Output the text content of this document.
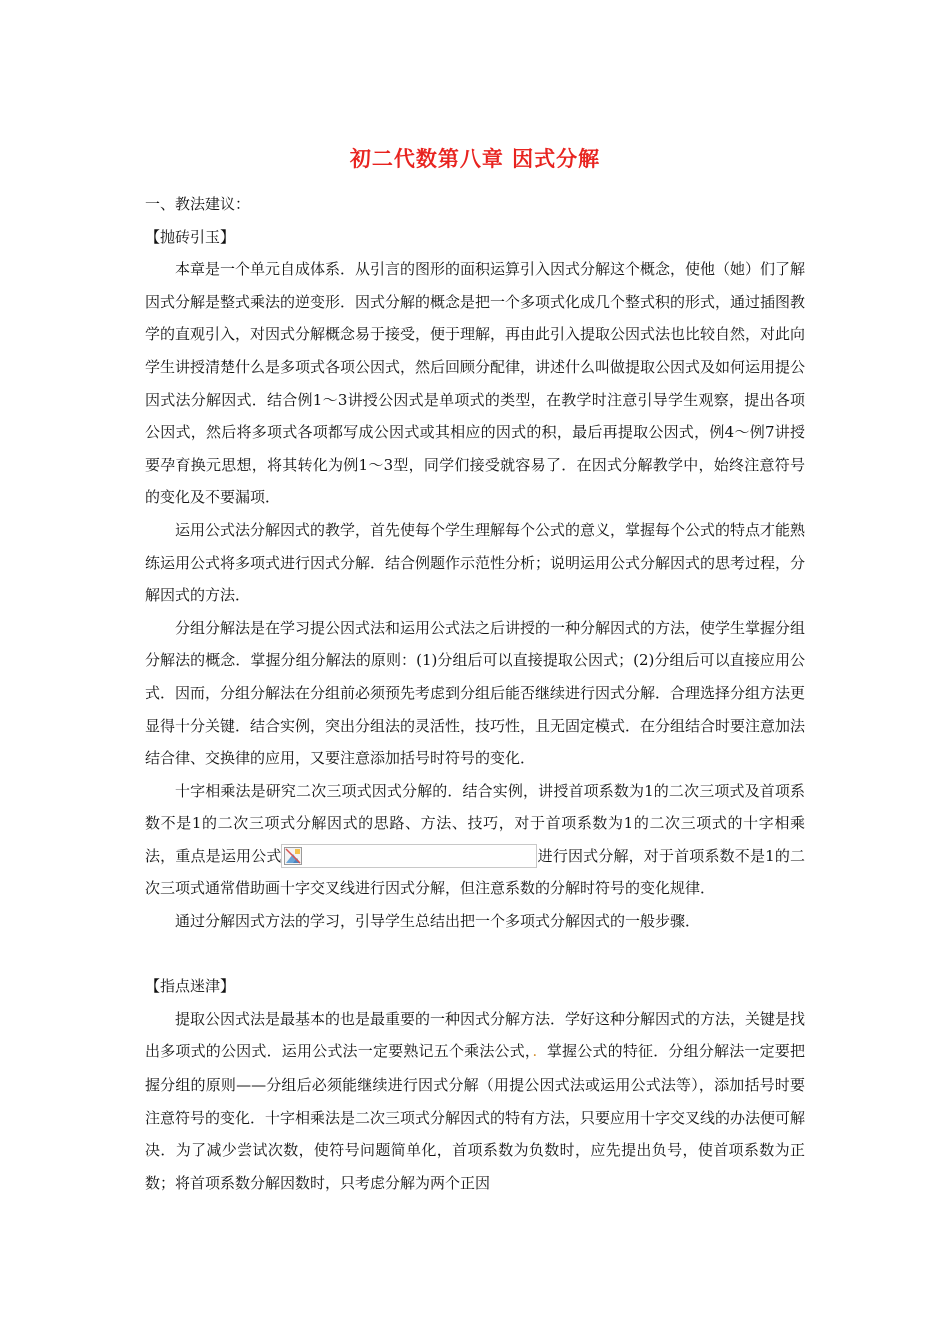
初二代数第八章 因式分解

一、教法建议：

【抛砖引玉】

本章是一个单元自成体系．从引言的图形的面积运算引入因式分解这个概念，使他（她）们了解因式分解是整式乘法的逆变形．因式分解的概念是把一个多项式化成几个整式积的形式，通过插图教学的直观引入，对因式分解概念易于接受，便于理解，再由此引入提取公因式法也比较自然，对此向学生讲授清楚什么是多项式各项公因式，然后回顾分配律，讲述什么叫做提取公因式及如何运用提公因式法分解因式．结合例1～3讲授公因式是单项式的类型，在教学时注意引导学生观察，提出各项公因式，然后将多项式各项都写成公因式或其相应的因式的积，最后再提取公因式，例4～例7讲授要孕育换元思想，将其转化为例1～3型，同学们接受就容易了．在因式分解教学中，始终注意符号的变化及不要漏项．

运用公式法分解因式的教学，首先使每个学生理解每个公式的意义，掌握每个公式的特点才能熟练运用公式将多项式进行因式分解．结合例题作示范性分析；说明运用公式分解因式的思考过程，分解因式的方法．

分组分解法是在学习提公因式法和运用公式法之后讲授的一种分解因式的方法，使学生掌握分组分解法的概念．掌握分组分解法的原则：(1)分组后可以直接提取公因式；(2)分组后可以直接应用公式．因而，分组分解法在分组前必须预先考虑到分组后能否继续进行因式分解．合理选择分组方法更显得十分关键．结合实例，突出分组法的灵活性，技巧性，且无固定模式．在分组结合时要注意加法结合律、交换律的应用，又要注意添加括号时符号的变化．

十字相乘法是研究二次三项式因式分解的．结合实例，讲授首项系数为1的二次三项式及首项系数不是1的二次三项式分解因式的思路、方法、技巧，对于首项系数为1的二次三项式的十字相乘法，重点是运用公式	进行因式分解，对于首项系数不是1的二次三项式通常借助画十字交叉线进行因式分解，但注意系数的分解时符号的变化规律．

通过分解因式方法的学习，引导学生总结出把一个多项式分解因式的一般步骤．

【指点迷津】

提取公因式法是最基本的也是最重要的一种因式分解方法．学好这种分解因式的方法，关键是找出多项式的公因式．运用公式法一定要熟记五个乘法公式，．掌握公式的特征．分组分解法一定要把握分组的原则——分组后必须能继续进行因式分解（用提公因式法或运用公式法等），添加括号时要注意符号的变化．十字相乘法是二次三项式分解因式的特有方法，只要应用十字交叉线的办法便可解决．为了减少尝试次数，使符号问题简单化，首项系数为负数时，应先提出负号，使首项系数为正数；将首项系数分解因数时，只考虑分解为两个正因
